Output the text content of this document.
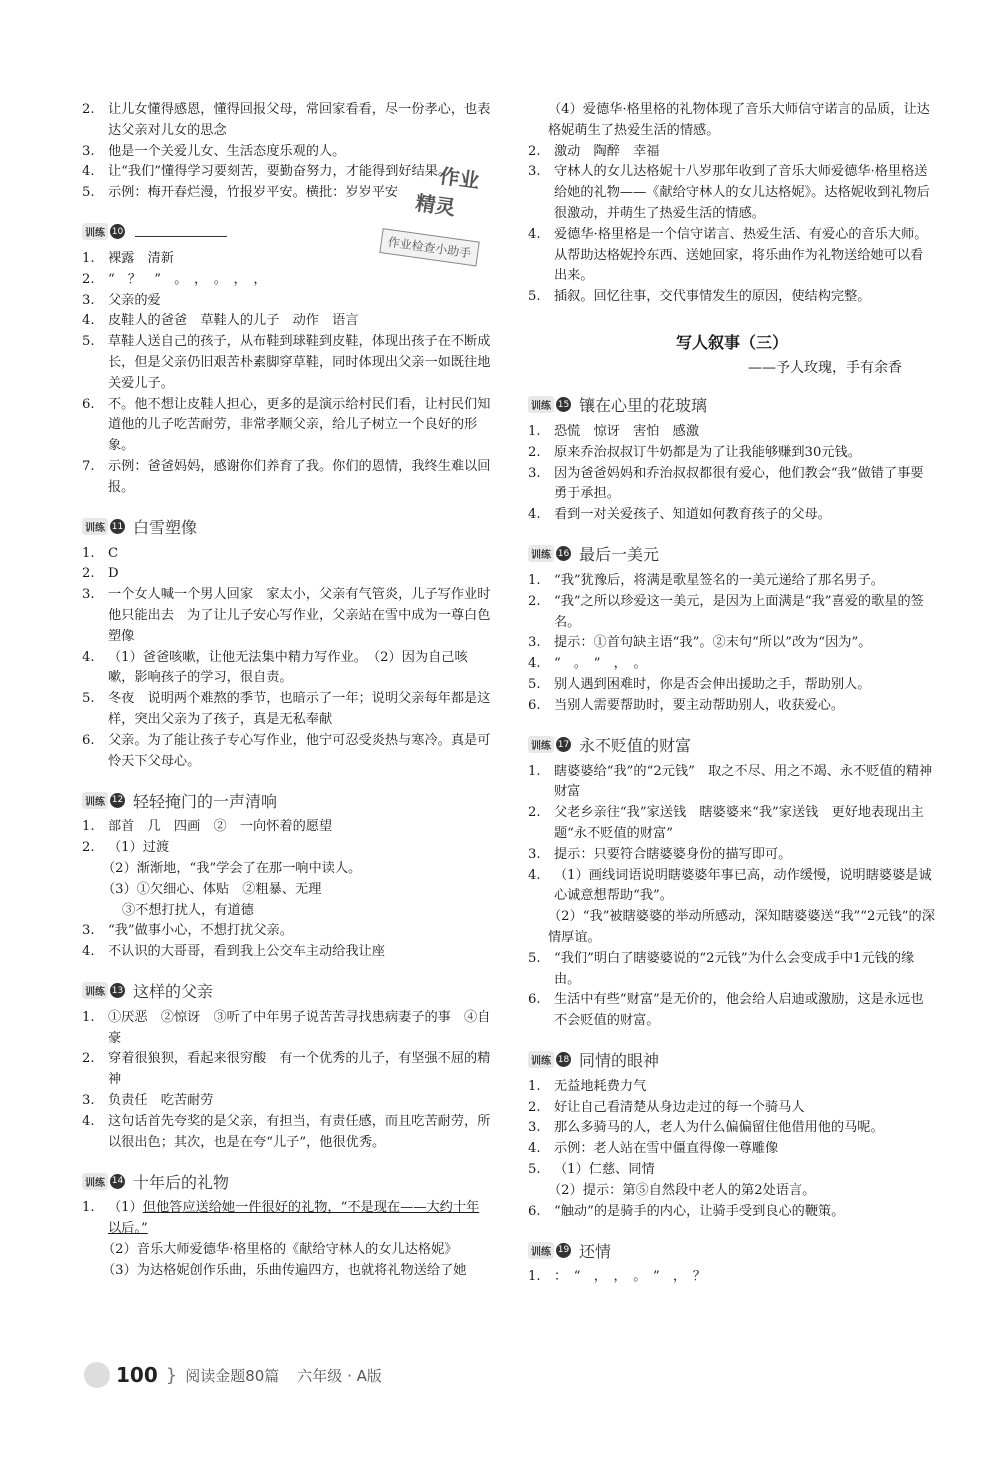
作业
精灵
作业检查小助手
2. 让儿女懂得感恩，懂得回报父母，常回家看看，尽一份孝心，也表达父亲对儿女的思念
3. 他是一个关爱儿女、生活态度乐观的人。
4. 让“我们”懂得学习要刻苦，要勤奋努力，才能得到好结果。
5. 示例：梅开春烂漫，竹报岁平安。横批：岁岁平安
训练 10
1. 裸露　清新
2. “　？　”　。　，　。　，　，
3. 父亲的爱
4. 皮鞋人的爸爸　草鞋人的儿子　动作　语言
5. 草鞋人送自己的孩子，从布鞋到球鞋到皮鞋，体现出孩子在不断成长，但是父亲仍旧艰苦朴素脚穿草鞋，同时体现出父亲一如既往地关爱儿子。
6. 不。他不想让皮鞋人担心，更多的是演示给村民们看，让村民们知道他的儿子吃苦耐劳，非常孝顺父亲，给儿子树立一个良好的形象。
7. 示例：爸爸妈妈，感谢你们养育了我。你们的恩情，我终生难以回报。
训练 11 白雪塑像
1. C
2. D
3. 一个女人喊一个男人回家　家太小，父亲有气管炎，儿子写作业时他只能出去　为了让儿子安心写作业，父亲站在雪中成为一尊白色塑像
4. （1）爸爸咳嗽，让他无法集中精力写作业。　（2）因为自己咳嗽，影响孩子的学习，很自责。
5. 冬夜　说明两个难熬的季节，也暗示了一年；说明父亲每年都是这样，突出父亲为了孩子，真是无私奉献
6. 父亲。为了能让孩子专心写作业，他宁可忍受炎热与寒冷。真是可怜天下父母心。
训练 12 轻轻掩门的一声清响
1. 部首　几　四画　②　一向怀着的愿望
2. （1）过渡
（2）渐渐地，“我”学会了在那一响中读人。
（3）①欠细心、体贴　②粗暴、无理
③不想打扰人，有道德
3. “我”做事小心，不想打扰父亲。
4. 不认识的大哥哥，看到我上公交车主动给我让座
训练 13 这样的父亲
1. ①厌恶　②惊讶　③听了中年男子说苦苦寻找患病妻子的事　④自豪
2. 穿着很狼狈，看起来很穷酸　有一个优秀的儿子，有坚强不屈的精神
3. 负责任　吃苦耐劳
4. 这句话首先夸奖的是父亲，有担当，有责任感，而且吃苦耐劳，所以很出色；其次，也是在夸“儿子”，他很优秀。
训练 14 十年后的礼物
1. （1）但他答应送给她一件很好的礼物，“不是现在——大约十年以后。”
（2）音乐大师爱德华·格里格的《献给守林人的女儿达格妮》
（3）为达格妮创作乐曲，乐曲传遍四方，也就将礼物送给了她
（4）爱德华·格里格的礼物体现了音乐大师信守诺言的品质，让达格妮萌生了热爱生活的情感。
2. 激动　陶醉　幸福
3. 守林人的女儿达格妮十八岁那年收到了音乐大师爱德华·格里格送给她的礼物——《献给守林人的女儿达格妮》。达格妮收到礼物后很激动，并萌生了热爱生活的情感。
4. 爱德华·格里格是一个信守诺言、热爱生活、有爱心的音乐大师。从帮助达格妮拎东西、送她回家，将乐曲作为礼物送给她可以看出来。
5. 插叙。回忆往事，交代事情发生的原因，使结构完整。
写人叙事（三）
——予人玫瑰，手有余香
训练 15 镶在心里的花玻璃
1. 恐慌　惊讶　害怕　感激
2. 原来乔治叔叔订牛奶都是为了让我能够赚到30元钱。
3. 因为爸爸妈妈和乔治叔叔都很有爱心，他们教会“我”做错了事要勇于承担。
4. 看到一对关爱孩子、知道如何教育孩子的父母。
训练 16 最后一美元
1. “我”犹豫后，将满是歌星签名的一美元递给了那名男子。
2. “我”之所以珍爱这一美元，是因为上面满是“我”喜爱的歌星的签名。
3. 提示：①首句缺主语“我”。②末句“所以”改为“因为”。
4. “　。　”　，　。
5. 别人遇到困难时，你是否会伸出援助之手，帮助别人。
6. 当别人需要帮助时，要主动帮助别人，收获爱心。
训练 17 永不贬值的财富
1. 瞎婆婆给“我”的“2元钱”　取之不尽、用之不竭、永不贬值的精神财富
2. 父老乡亲往“我”家送钱　瞎婆婆来“我”家送钱　更好地表现出主题“永不贬值的财富”
3. 提示：只要符合瞎婆婆身份的描写即可。
4. （1）画线词语说明瞎婆婆年事已高，动作缓慢，说明瞎婆婆是诚心诚意想帮助“我”。
（2）“我”被瞎婆婆的举动所感动，深知瞎婆婆送“我”“2元钱”的深情厚谊。
5. “我们”明白了瞎婆婆说的“2元钱”为什么会变成手中1元钱的缘由。
6. 生活中有些“财富”是无价的，他会给人启迪或激励，这是永远也不会贬值的财富。
训练 18 同情的眼神
1. 无益地耗费力气
2. 好让自己看清楚从身边走过的每一个骑马人
3. 那么多骑马的人，老人为什么偏偏留住他借用他的马呢。
4. 示例：老人站在雪中僵直得像一尊雕像
5. （1）仁慈、同情
（2）提示：第⑤自然段中老人的第2处语言。
6. “触动”的是骑手的内心，让骑手受到良心的鞭策。
训练 19 还情
1. ：　“　，　，　。　”　，　？
100 } 阅读金题80篇 六年级 · A版
